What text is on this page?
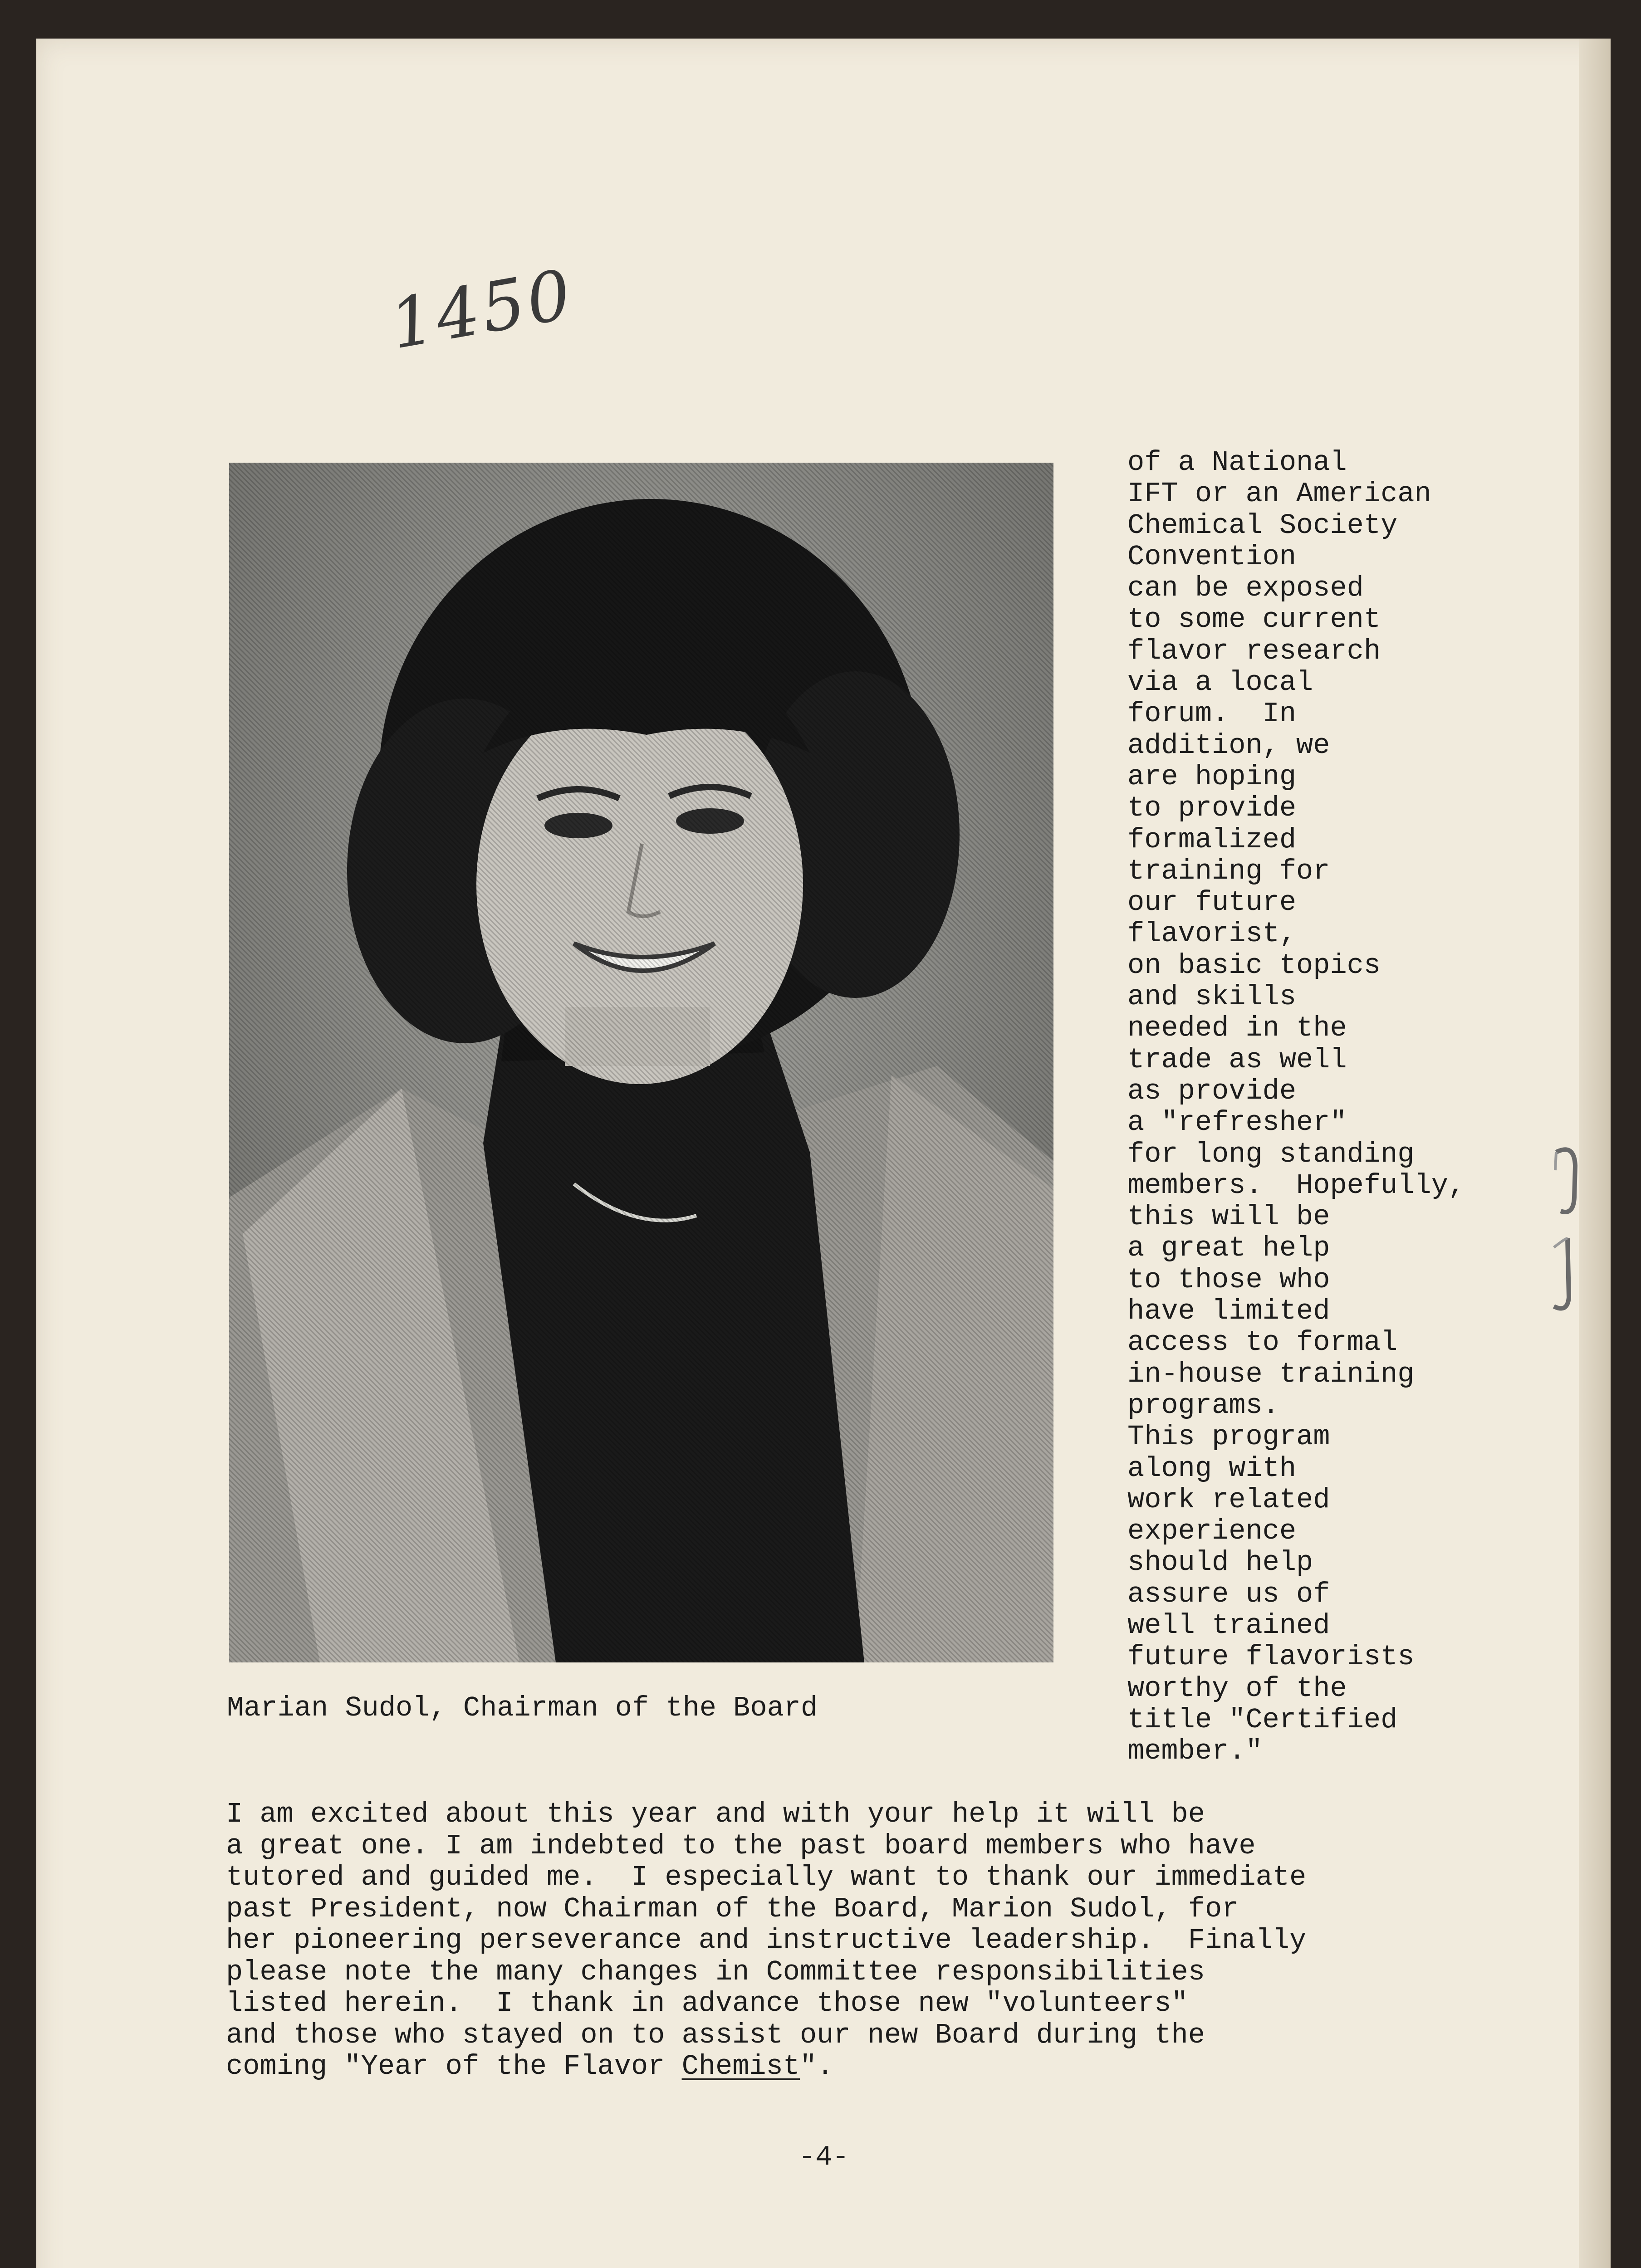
1450
Marian Sudol, Chairman of the Board
of a National
IFT or an American
Chemical Society
Convention
can be exposed
to some current
flavor research
via a local
forum.  In
addition, we
are hoping
to provide
formalized
training for
our future
flavorist,
on basic topics
and skills
needed in the
trade as well
as provide
a "refresher"
for long standing
members.  Hopefully,
this will be
a great help
to those who
have limited
access to formal
in-house training
programs.
This program
along with
work related
experience
should help
assure us of
well trained
future flavorists
worthy of the
title "Certified
member."
I am excited about this year and with your help it will be
a great one. I am indebted to the past board members who have
tutored and guided me.  I especially want to thank our immediate
past President, now Chairman of the Board, Marion Sudol, for
her pioneering perseverance and instructive leadership.  Finally
please note the many changes in Committee responsibilities
listed herein.  I thank in advance those new "volunteers"
and those who stayed on to assist our new Board during the
coming "Year of the Flavor Chemist".
-4-
